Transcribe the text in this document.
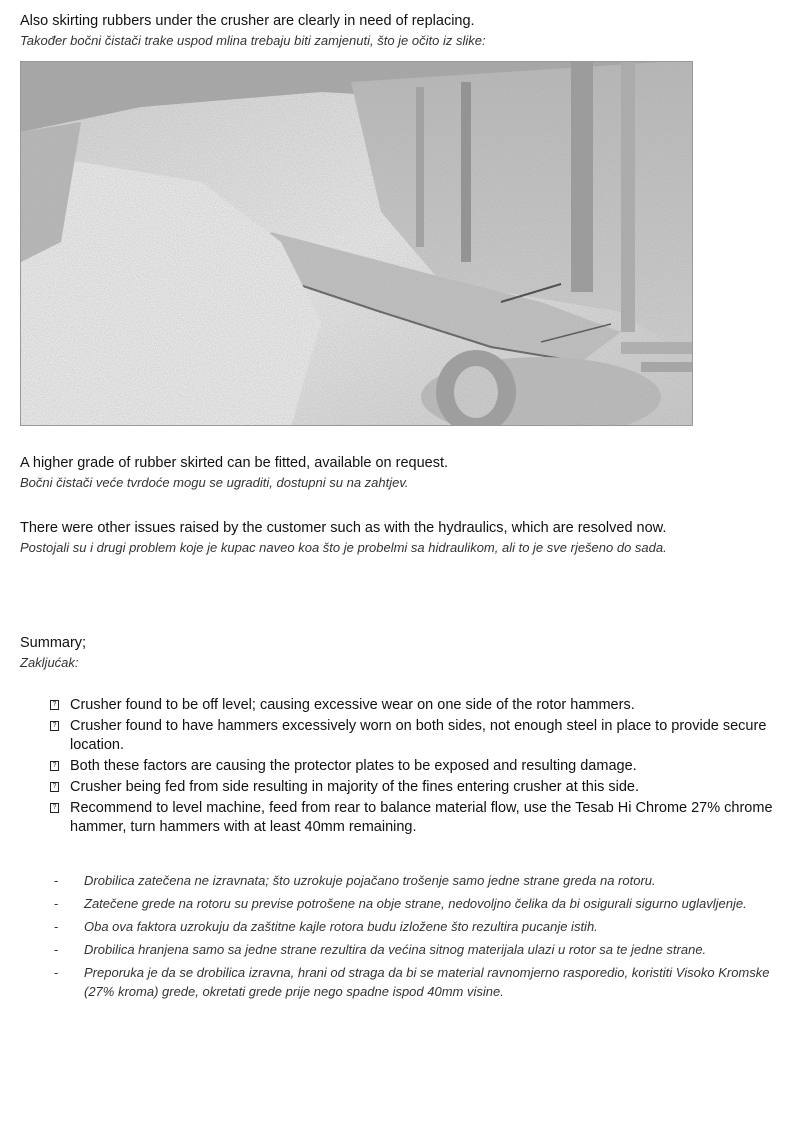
Also skirting rubbers under the crusher are clearly in need of replacing.

Također bočni čistači trake uspod mlina trebaju biti zamjenuti, što je očito iz slike:

A higher grade of rubber skirted can be fitted, available on request.

Bočni čistači veće tvrdoće mogu se ugraditi, dostupni su na zahtjev.

There were other issues raised by the customer such as with the hydraulics, which are resolved now.

Postojali su i drugi problem koje je kupac naveo koa što je probelmi sa hidraulikom, ali to je sve rješeno do sada.

Summary;

Zakljućak:

? Crusher found to be off level; causing excessive wear on one side of the rotor hammers.
? Crusher found to have hammers excessively worn on both sides, not enough steel in place to provide secure location.
? Both these factors are causing the protector plates to be exposed and resulting damage.
? Crusher being fed from side resulting in majority of the fines entering crusher at this side.
? Recommend to level machine, feed from rear to balance material flow, use the Tesab Hi Chrome 27% chrome hammer, turn hammers with at least 40mm remaining.
- Drobilica zatečena ne izravnata; što uzrokuje pojačano trošenje samo jedne strane greda na rotoru.
- Zatečene grede na rotoru su previse potrošene na obje strane, nedovoljno čelika da bi osigurali sigurno uglavljenje.
- Oba ova faktora uzrokuju da zaštitne kajle rotora budu izložene što rezultira pucanje istih.
- Drobilica hranjena samo sa jedne strane rezultira da većina sitnog materijala ulazi u rotor sa te jedne strane.
- Preporuka je da se drobilica izravna, hrani od straga da bi se material ravnomjerno rasporedio, koristiti Visoko Kromske (27% kroma) grede, okretati grede prije nego spadne ispod 40mm visine.
